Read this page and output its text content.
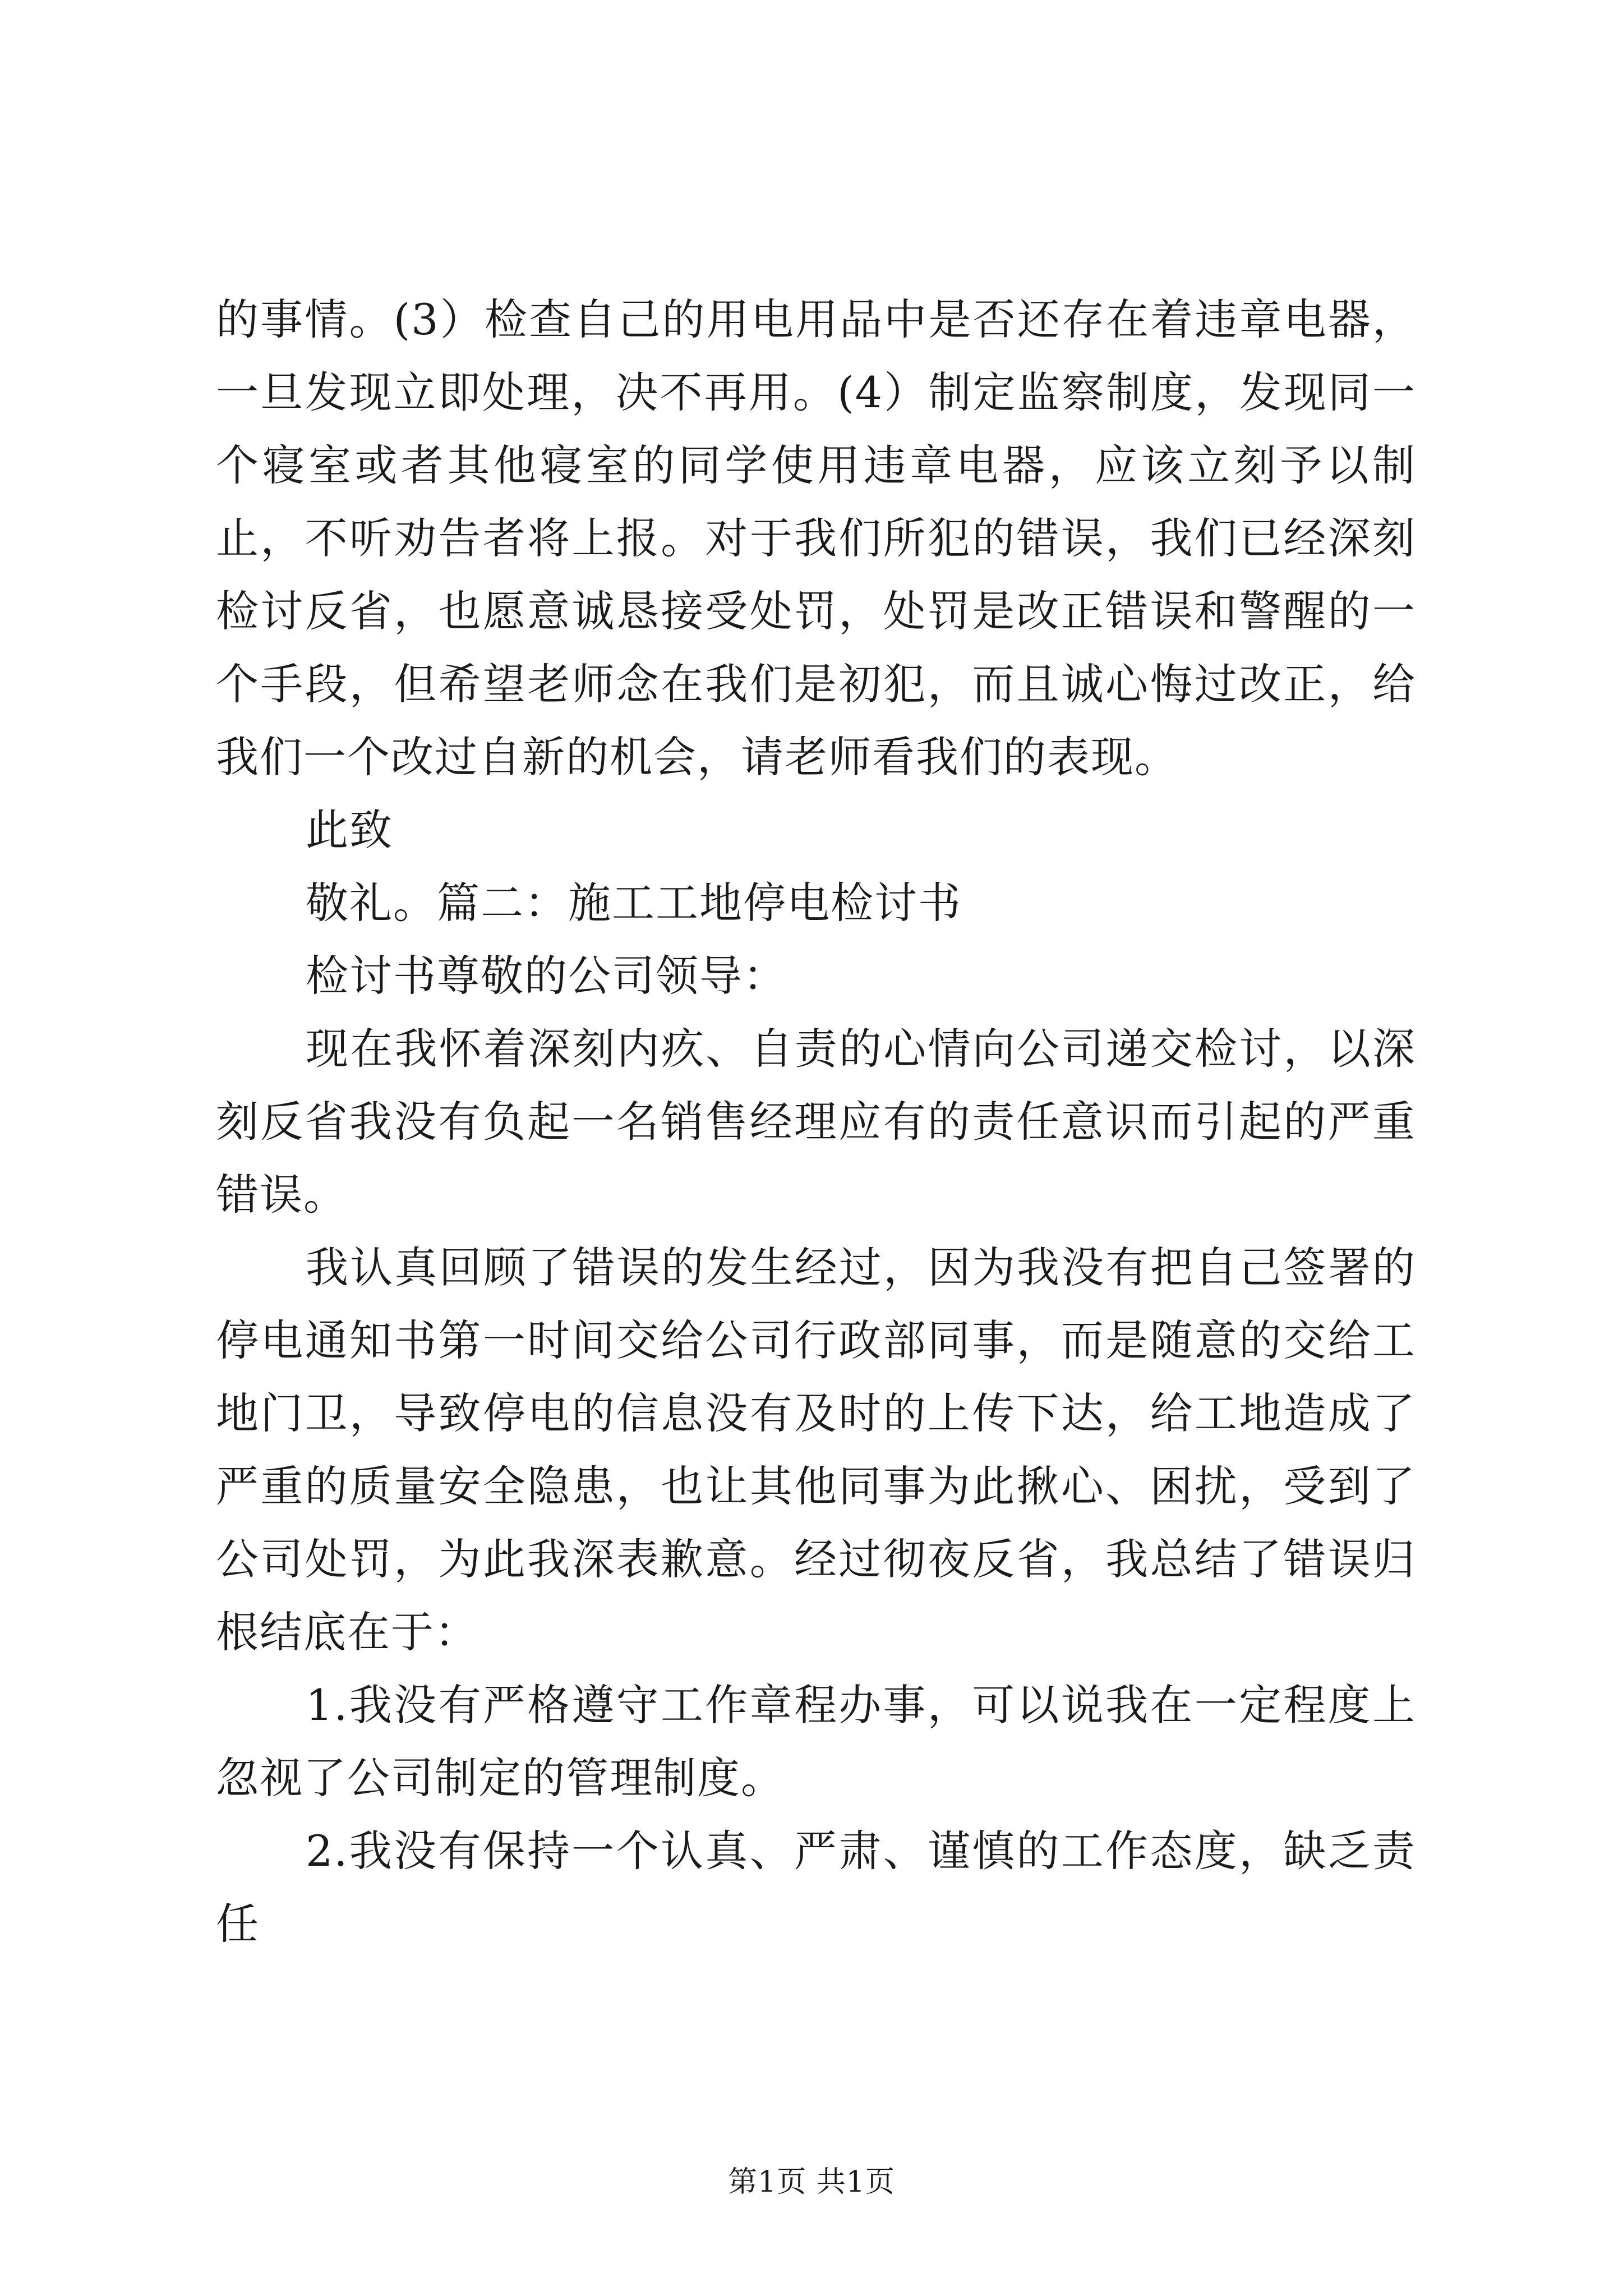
的事情。(3）检查自己的用电用品中是否还存在着违章电器，一旦发现立即处理，决不再用。(4）制定监察制度，发现同一个寝室或者其他寝室的同学使用违章电器，应该立刻予以制止，不听劝告者将上报。对于我们所犯的错误，我们已经深刻检讨反省，也愿意诚恳接受处罚，处罚是改正错误和警醒的一个手段，但希望老师念在我们是初犯，而且诚心悔过改正，给我们一个改过自新的机会，请老师看我们的表现。

此致

敬礼。篇二：施工工地停电检讨书

检讨书尊敬的公司领导：

现在我怀着深刻内疚、自责的心情向公司递交检讨，以深刻反省我没有负起一名销售经理应有的责任意识而引起的严重错误。

我认真回顾了错误的发生经过，因为我没有把自己签署的停电通知书第一时间交给公司行政部同事，而是随意的交给工地门卫，导致停电的信息没有及时的上传下达，给工地造成了严重的质量安全隐患，也让其他同事为此揪心、困扰，受到了公司处罚，为此我深表歉意。经过彻夜反省，我总结了错误归根结底在于：

1.我没有严格遵守工作章程办事，可以说我在一定程度上忽视了公司制定的管理制度。

2.我没有保持一个认真、严肃、谨慎的工作态度，缺乏责任

第1页 共1页
